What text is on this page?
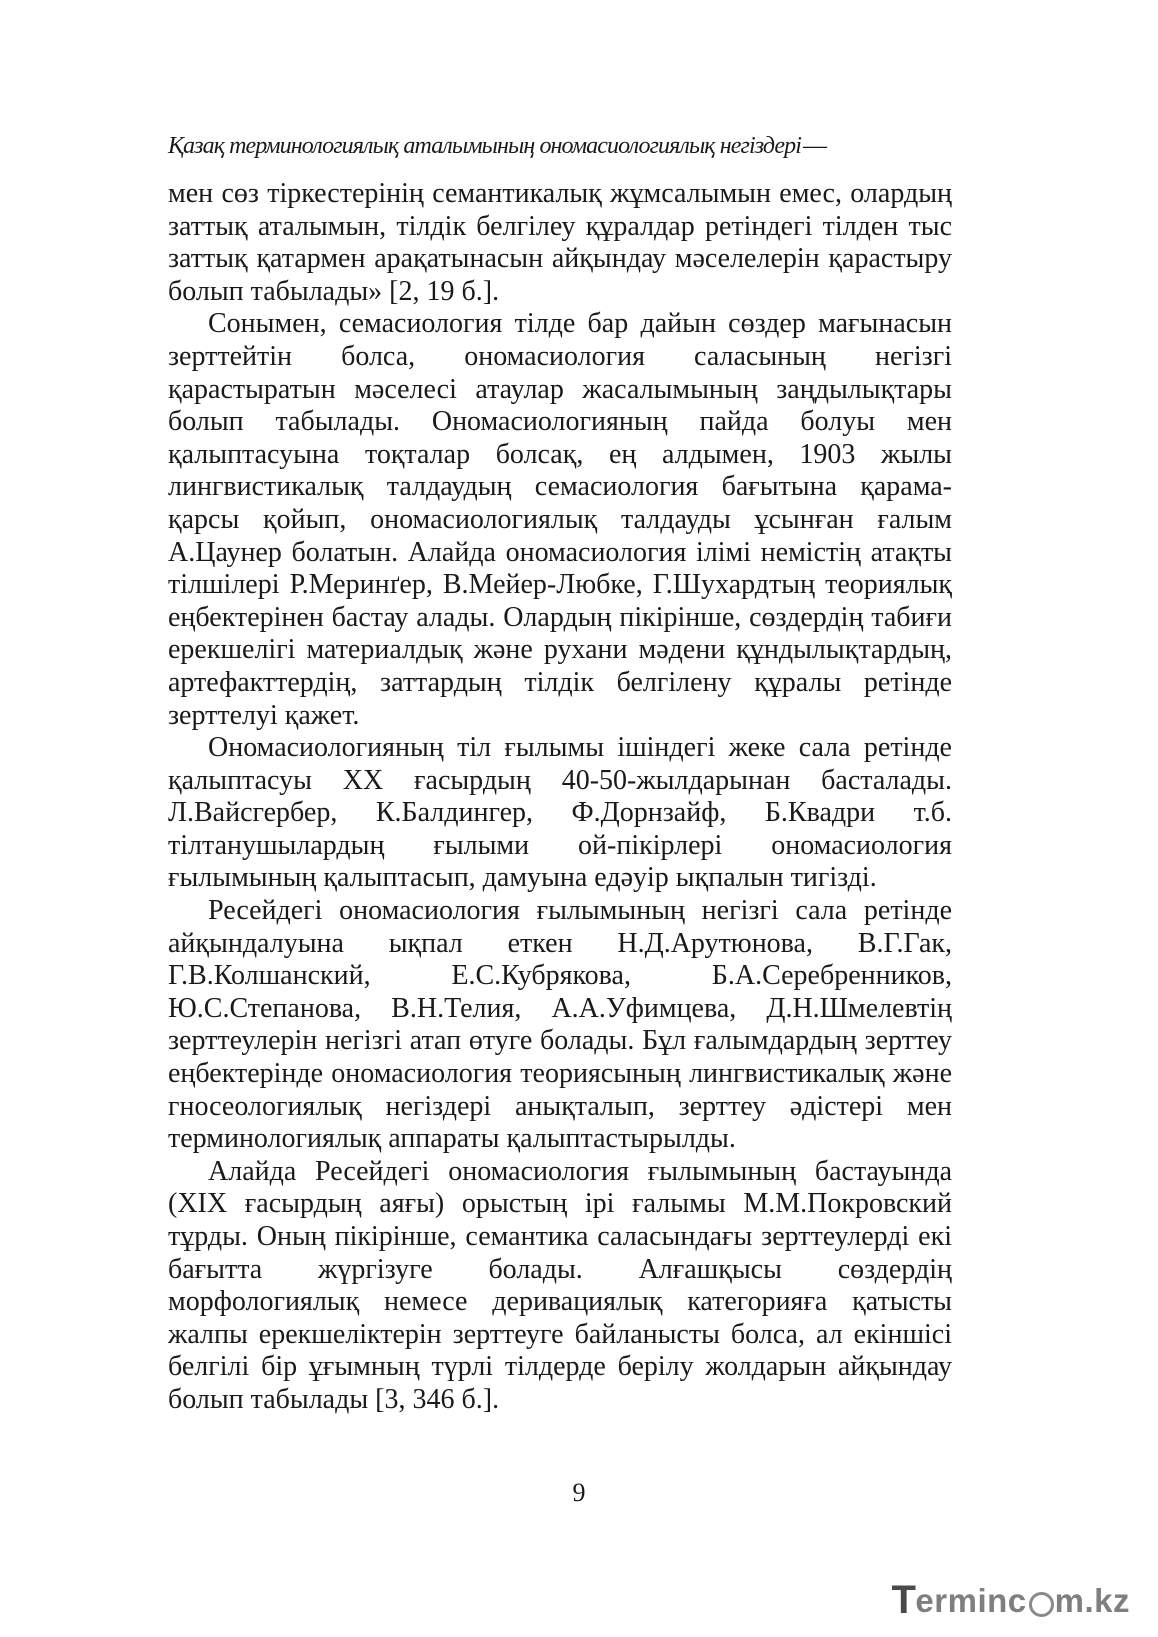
Қазақ терминологиялық аталымының ономасиологиялық негіздері—

мен сөз тіркестерінің семантикалық жұмсалымын емес, олардың заттық аталымын, тілдік белгілеу құралдар ретіндегі тілден тыс заттық қатармен арақатынасын айқындау мәселелерін қарастыру болып табылады» [2, 19 б.].

Сонымен, семасиология тілде бар дайын сөздер мағынасын зерттейтін болса, ономасиология саласының негізгі қарастыратын мәселесі атаулар жасалымының заңдылықтары болып табылады. Ономасиологияның пайда болуы мен қалыптасуына тоқталар болсақ, ең алдымен, 1903 жылы лингвистикалық талдаудың семасиология бағытына қарама-қарсы қойып, ономасиологиялық талдауды ұсынған ғалым А.Цаунер болатын. Алайда ономасиология ілімі немістің атақты тілшілері Р.Меринґер, В.Мейер-Любке, Г.Шухардтың теориялық еңбектерінен бастау алады. Олардың пікірінше, сөздердің табиғи ерекшелігі материалдық және рухани мәдени құндылықтардың, артефакттердің, заттардың тілдік белгілену құралы ретінде зерттелуі қажет.

Ономасиологияның тіл ғылымы ішіндегі жеке сала ретінде қалыптасуы ХХ ғасырдың 40-50-жылдарынан басталады. Л.Вайсгербер, К.Балдингер, Ф.Дорнзайф, Б.Квадри т.б. тілтанушылардың ғылыми ой-пікірлері ономасиология ғылымының қалыптасып, дамуына едәуір ықпалын тигізді.

Ресейдегі ономасиология ғылымының негізгі сала ретінде айқындалуына ықпал еткен Н.Д.Арутюнова, В.Г.Гак, Г.В.Колшанский, Е.С.Кубрякова, Б.А.Серебренников, Ю.С.Степанова, В.Н.Телия, А.А.Уфимцева, Д.Н.Шмелевтің зерттеулерін негізгі атап өтуге болады. Бұл ғалымдардың зерттеу еңбектерінде ономасиология теориясының лингвистикалық және гносеологиялық негіздері анықталып, зерттеу әдістері мен терминологиялық аппараты қалыптастырылды.

Алайда Ресейдегі ономасиология ғылымының бастауында (ХІХ ғасырдың аяғы) орыстың ірі ғалымы М.М.Покровский тұрды. Оның пікірінше, семантика саласындағы зерттеулерді екі бағытта жүргізуге болады. Алғашқысы сөздердің морфологиялық немесе деривациялық категорияға қатысты жалпы ерекшеліктерін зерттеуге байланысты болса, ал екіншісі белгілі бір ұғымның түрлі тілдерде берілу жолдарын айқындау болып табылады [3, 346 б.].

9
T erminc m.kz
